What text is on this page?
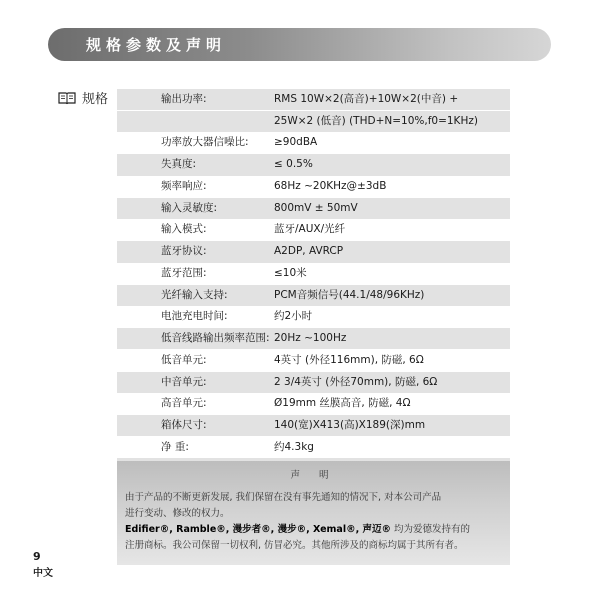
规格参数及声明
规格	输出功率:	RMS 10W×2(高音)+10W×2(中音) +
25W×2 (低音) (THD+N=10%,f0=1KHz)
功率放大器信噪比: ≥90dBA
失真度:	≤ 0.5%
频率响应:	68Hz ~20KHz@±3dB
输入灵敏度:	800mV ± 50mV
输入模式:	蓝牙/AUX/光纤
蓝牙协议:	A2DP, AVRCP
蓝牙范围:	≤10米
光纤输入支持:	PCM音频信号(44.1/48/96KHz)
电池充电时间:	约2小时
低音线路输出频率范围: 20Hz ~100Hz
低音单元:	4英寸 (外径116mm), 防磁, 6Ω
中音单元:	2 3/4英寸 (外径70mm), 防磁, 6Ω
高音单元:	Ø19mm 丝膜高音, 防磁, 4Ω
箱体尺寸:	140(宽)X413(高)X189(深)mm
净 重:	约4.3kg
声 明
由于产品的不断更新发展, 我们保留在没有事先通知的情况下, 对本公司产品
进行变动、修改的权力。
Edifier®, Ramble®, 漫步者®, 漫步®, Xemal®, 声迈® 均为爱德发持有的
注册商标。我公司保留一切权利, 仿冒必究。其他所涉及的商标均属于其所有者。
9
中文
